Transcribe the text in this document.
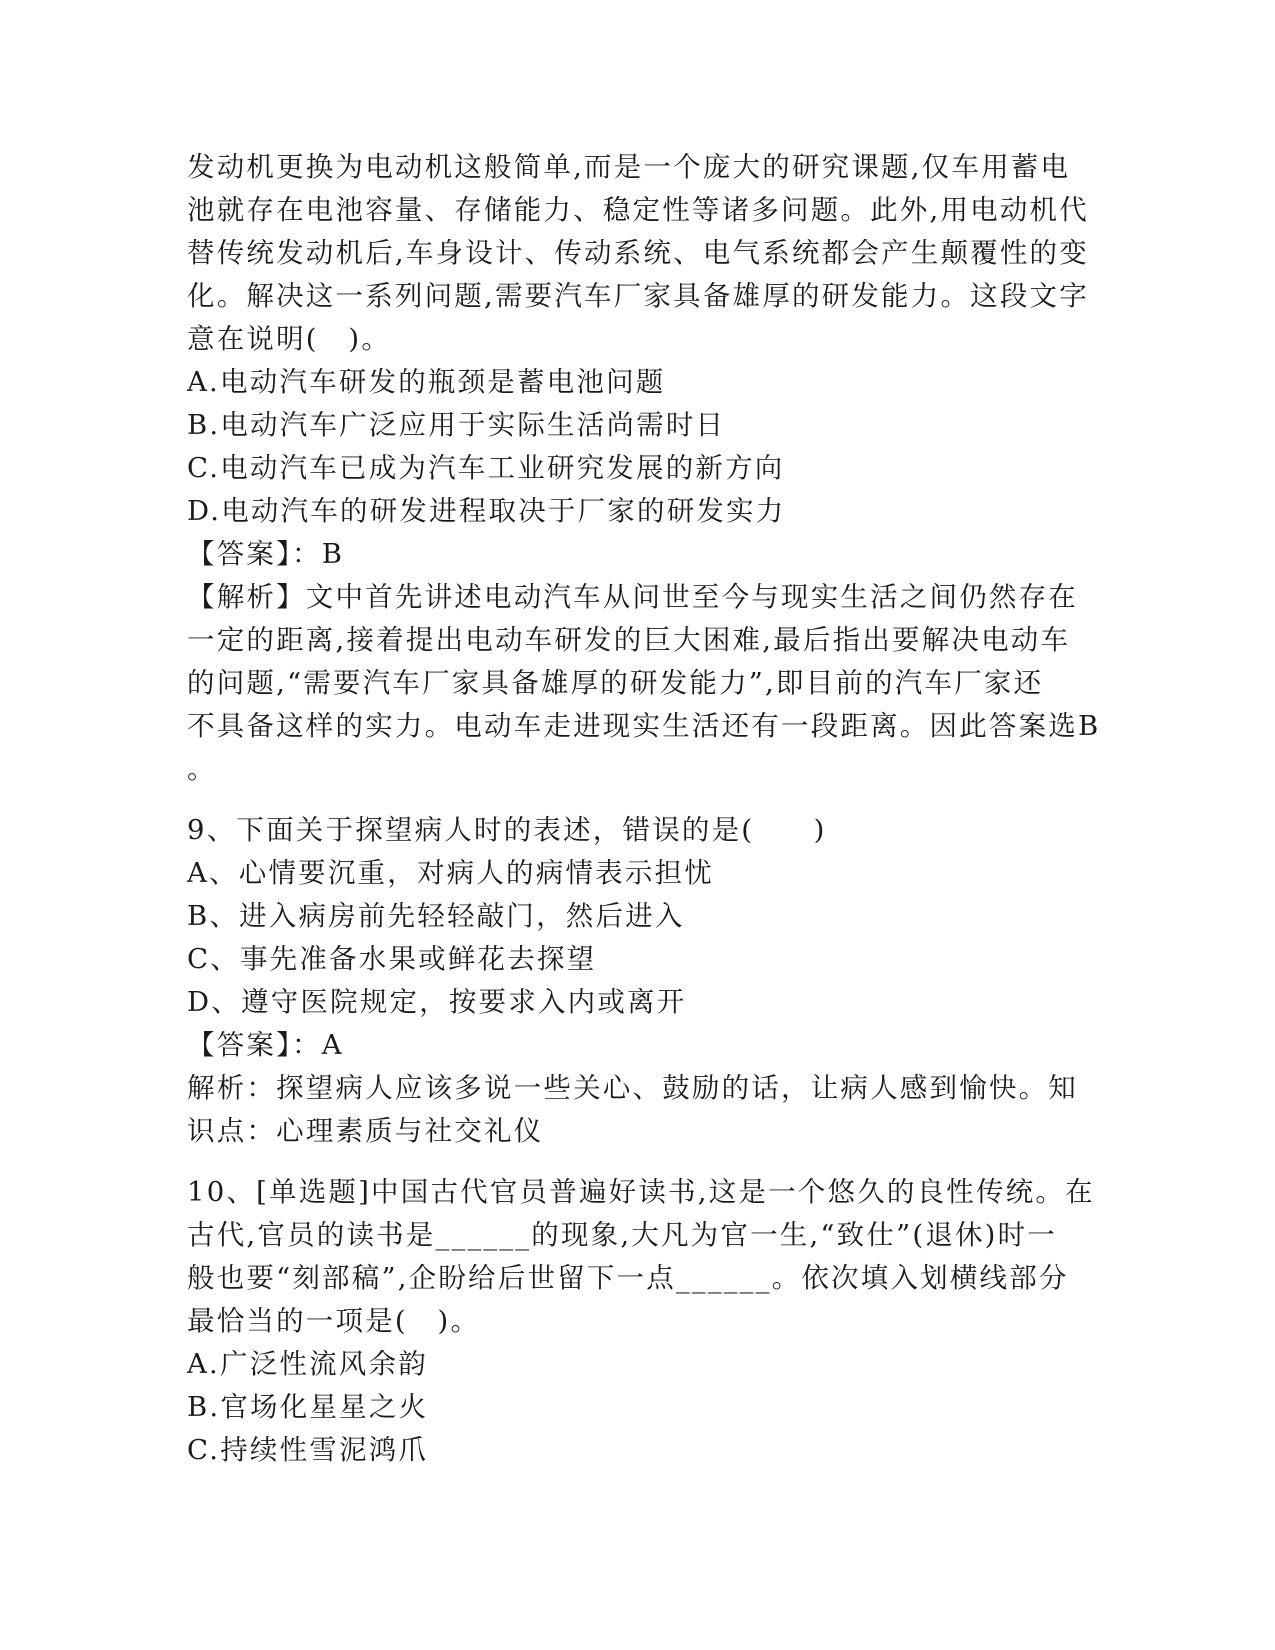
发动机更换为电动机这般简单,而是一个庞大的研究课题,仅车用蓄电
池就存在电池容量、存储能力、稳定性等诸多问题。此外,用电动机代
替传统发动机后,车身设计、传动系统、电气系统都会产生颠覆性的变
化。解决这一系列问题,需要汽车厂家具备雄厚的研发能力。这段文字
意在说明(　)。
A.电动汽车研发的瓶颈是蓄电池问题
B.电动汽车广泛应用于实际生活尚需时日
C.电动汽车已成为汽车工业研究发展的新方向
D.电动汽车的研发进程取决于厂家的研发实力
【答案】：B
【解析】文中首先讲述电动汽车从问世至今与现实生活之间仍然存在
一定的距离,接着提出电动车研发的巨大困难,最后指出要解决电动车
的问题,“需要汽车厂家具备雄厚的研发能力”,即目前的汽车厂家还
不具备这样的实力。电动车走进现实生活还有一段距离。因此答案选B
。
9、下面关于探望病人时的表述，错误的是(　　)
A、心情要沉重，对病人的病情表示担忧
B、进入病房前先轻轻敲门，然后进入
C、事先准备水果或鲜花去探望
D、遵守医院规定，按要求入内或离开
【答案】：A
解析：探望病人应该多说一些关心、鼓励的话，让病人感到愉快。知
识点：心理素质与社交礼仪
10、[单选题]中国古代官员普遍好读书,这是一个悠久的良性传统。在
古代,官员的读书是______的现象,大凡为官一生,“致仕”(退休)时一
般也要“刻部稿”,企盼给后世留下一点______。依次填入划横线部分
最恰当的一项是(　)。
A.广泛性流风余韵
B.官场化星星之火
C.持续性雪泥鸿爪
